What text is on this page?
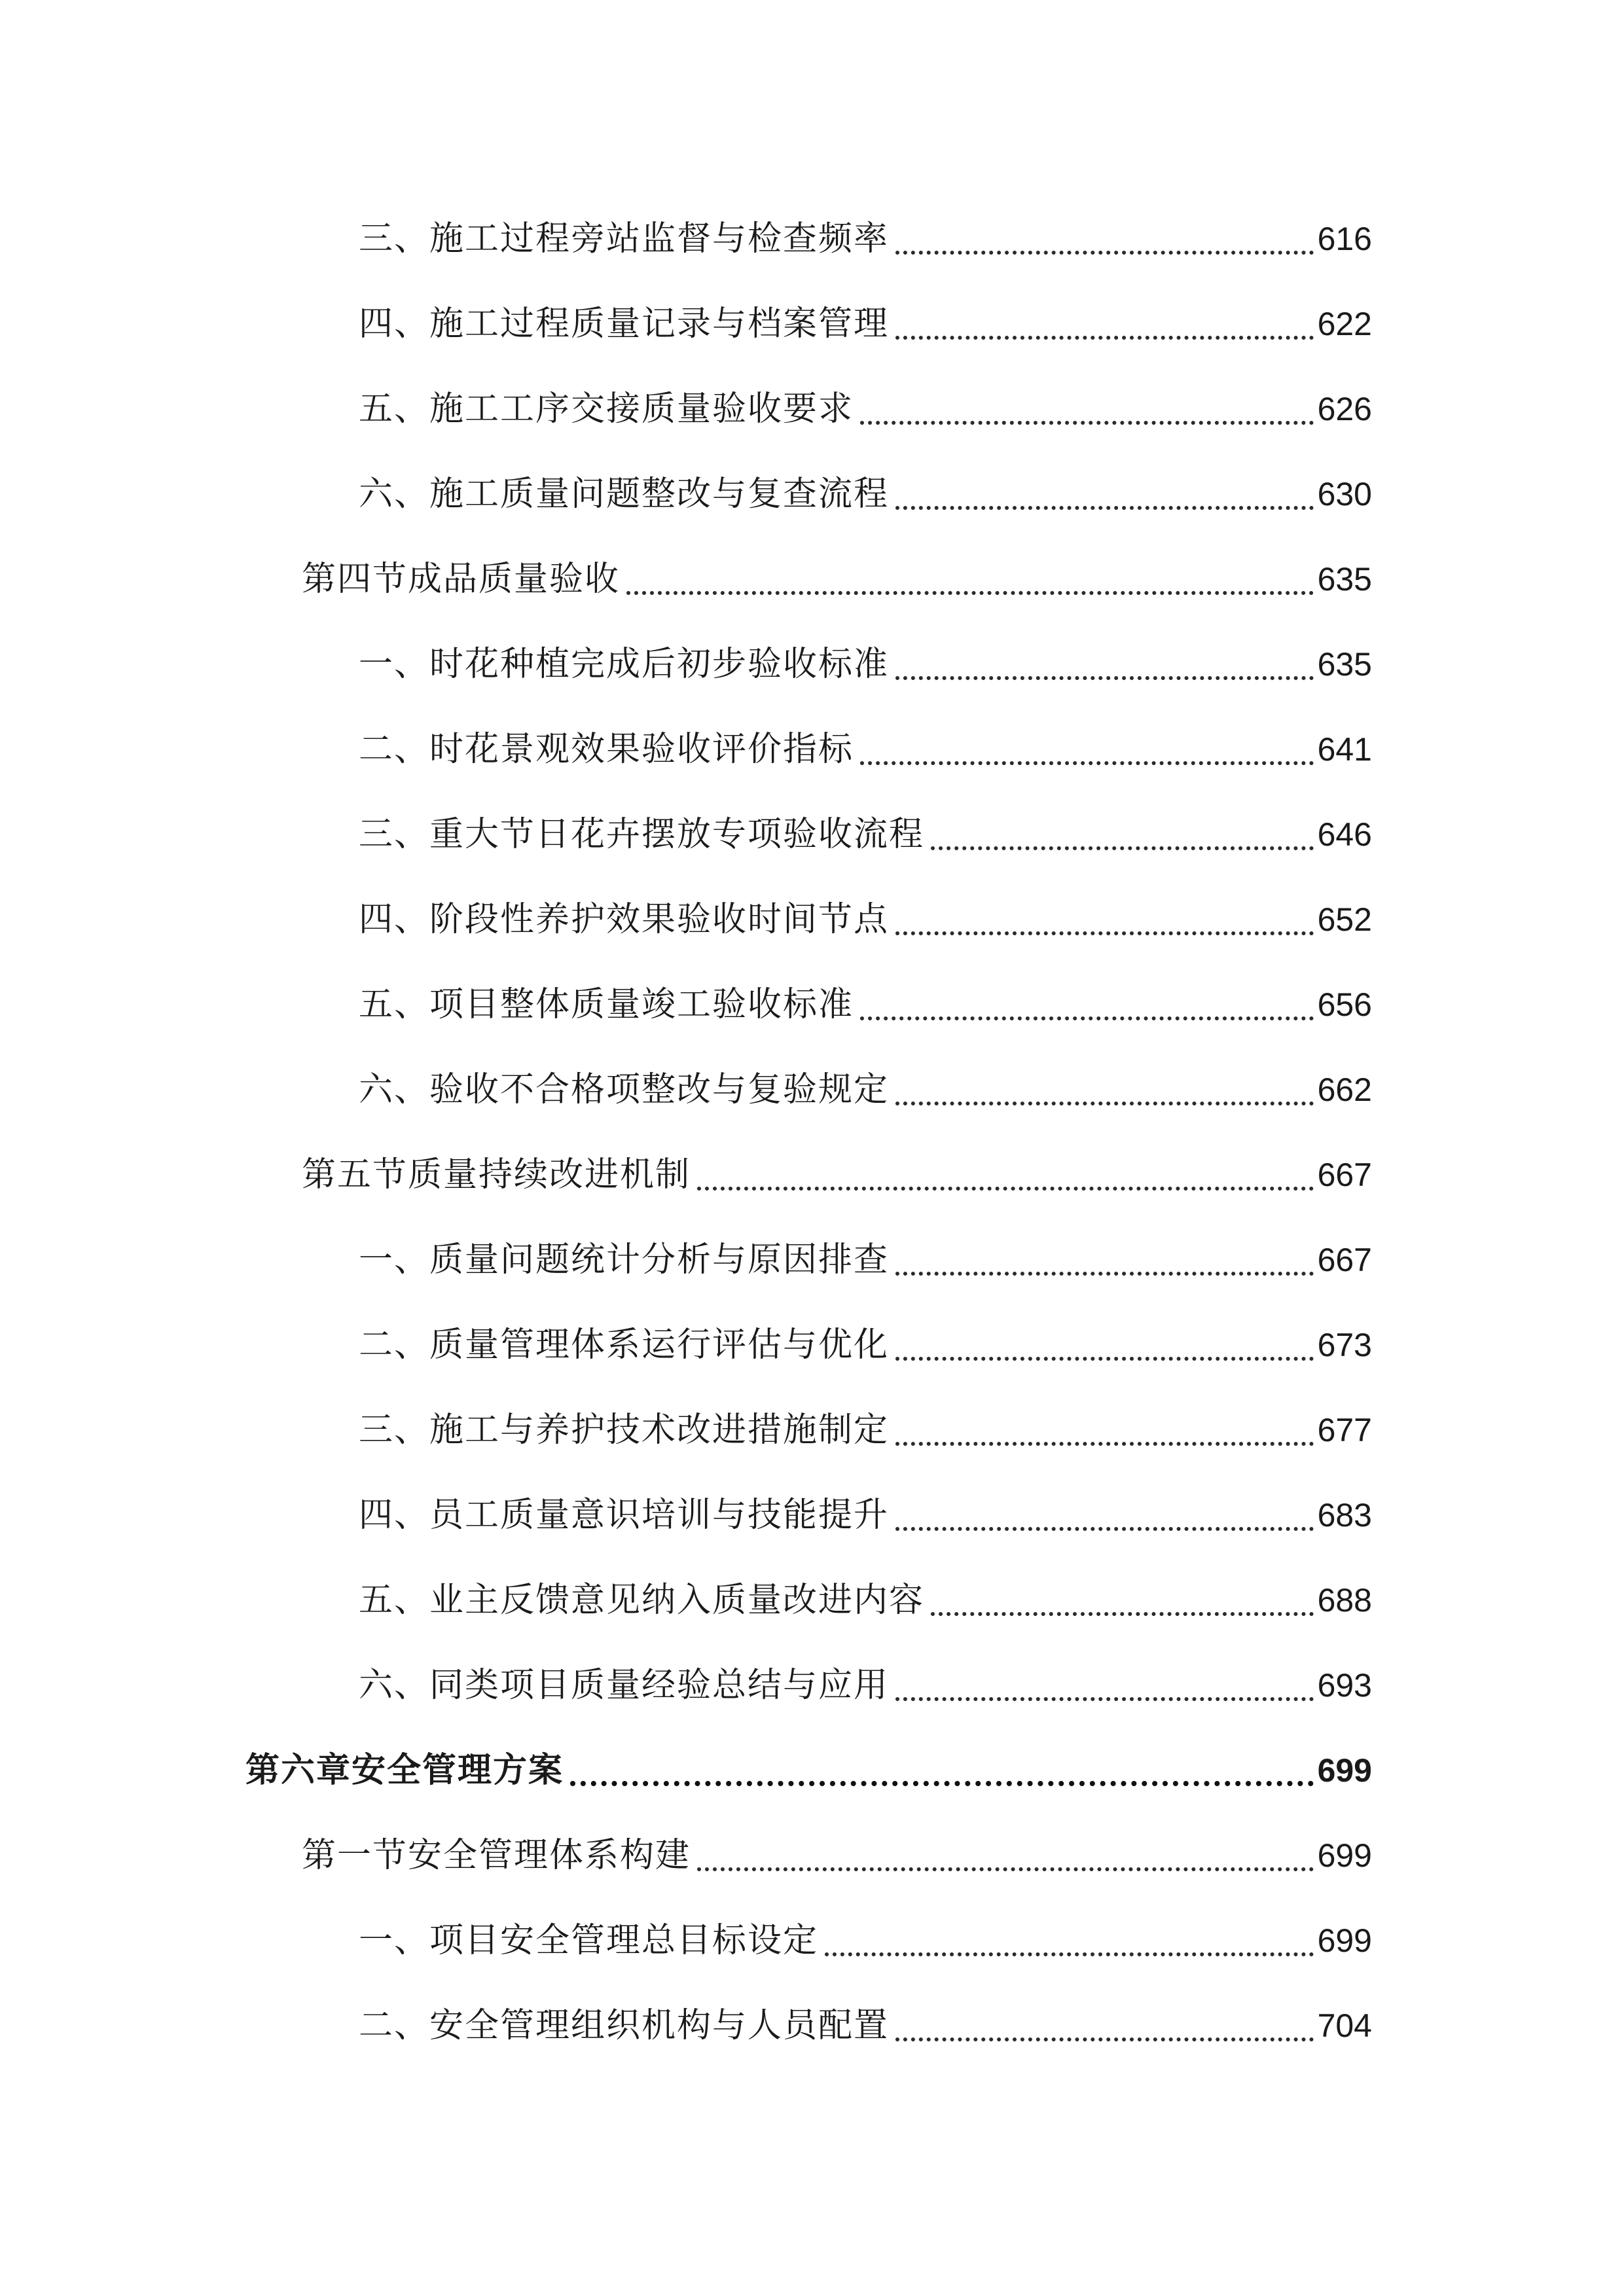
三、施工过程旁站监督与检查频率	616
四、施工过程质量记录与档案管理	622
五、施工工序交接质量验收要求	626
六、施工质量问题整改与复查流程	630
第四节成品质量验收	635
一、时花种植完成后初步验收标准	635
二、时花景观效果验收评价指标	641
三、重大节日花卉摆放专项验收流程	646
四、阶段性养护效果验收时间节点	652
五、项目整体质量竣工验收标准	656
六、验收不合格项整改与复验规定	662
第五节质量持续改进机制	667
一、质量问题统计分析与原因排查	667
二、质量管理体系运行评估与优化	673
三、施工与养护技术改进措施制定	677
四、员工质量意识培训与技能提升	683
五、业主反馈意见纳入质量改进内容	688
六、同类项目质量经验总结与应用	693
第六章安全管理方案	699
第一节安全管理体系构建	699
一、项目安全管理总目标设定	699
二、安全管理组织机构与人员配置	704
